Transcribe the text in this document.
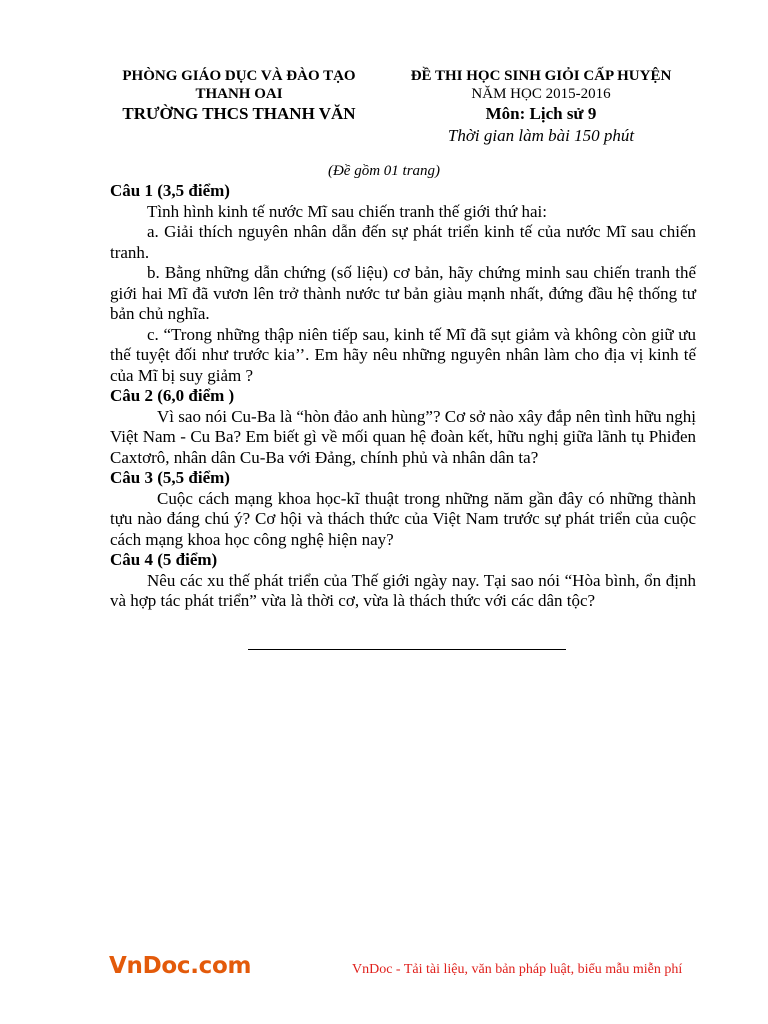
PHÒNG GIÁO DỤC VÀ ĐÀO TẠO
THANH OAI
TRƯỜNG THCS THANH VĂN
ĐỀ THI HỌC SINH GIỎI CẤP HUYỆN
NĂM HỌC 2015-2016
Môn: Lịch sử 9
Thời gian làm bài 150 phút
(Đề gồm 01 trang)

Câu 1 (3,5 điểm)

Tình hình kinh tế nước Mĩ sau chiến tranh thế giới thứ hai:

a. Giải thích nguyên nhân dẫn đến sự phát triển kinh tế của nước Mĩ sau chiến tranh.

b. Bằng những dẫn chứng (số liệu) cơ bản, hãy chứng minh sau chiến tranh thế giới hai Mĩ đã vươn lên trở thành nước tư bản giàu mạnh nhất, đứng đầu hệ thống tư bản chủ nghĩa.

c. “Trong những thập niên tiếp sau, kinh tế Mĩ đã sụt giảm và không còn giữ ưu thế tuyệt đối như trước kia’’. Em hãy nêu những nguyên nhân làm cho địa vị kinh tế của Mĩ bị suy giảm ?

Câu 2 (6,0 điểm )

Vì sao nói Cu-Ba là “hòn đảo anh hùng”? Cơ sở nào xây đắp nên tình hữu nghị Việt Nam - Cu Ba? Em biết gì về mối quan hệ đoàn kết, hữu nghị giữa lãnh tụ Phiđen Caxtơrô, nhân dân Cu-Ba với Đảng, chính phủ và nhân dân ta?

Câu 3 (5,5 điểm)

Cuộc cách mạng khoa học-kĩ thuật trong những năm gần đây có những thành tựu nào đáng chú ý? Cơ hội và thách thức của Việt Nam trước sự phát triển của cuộc cách mạng khoa học công nghệ hiện nay?

Câu 4 (5 điểm)

Nêu các xu thế phát triển của Thế giới ngày nay. Tại sao nói “Hòa bình, ổn định và hợp tác phát triển” vừa là thời cơ, vừa là thách thức với các dân tộc?

VnDoc.com	VnDoc - Tải tài liệu, văn bản pháp luật, biểu mẫu miễn phí
